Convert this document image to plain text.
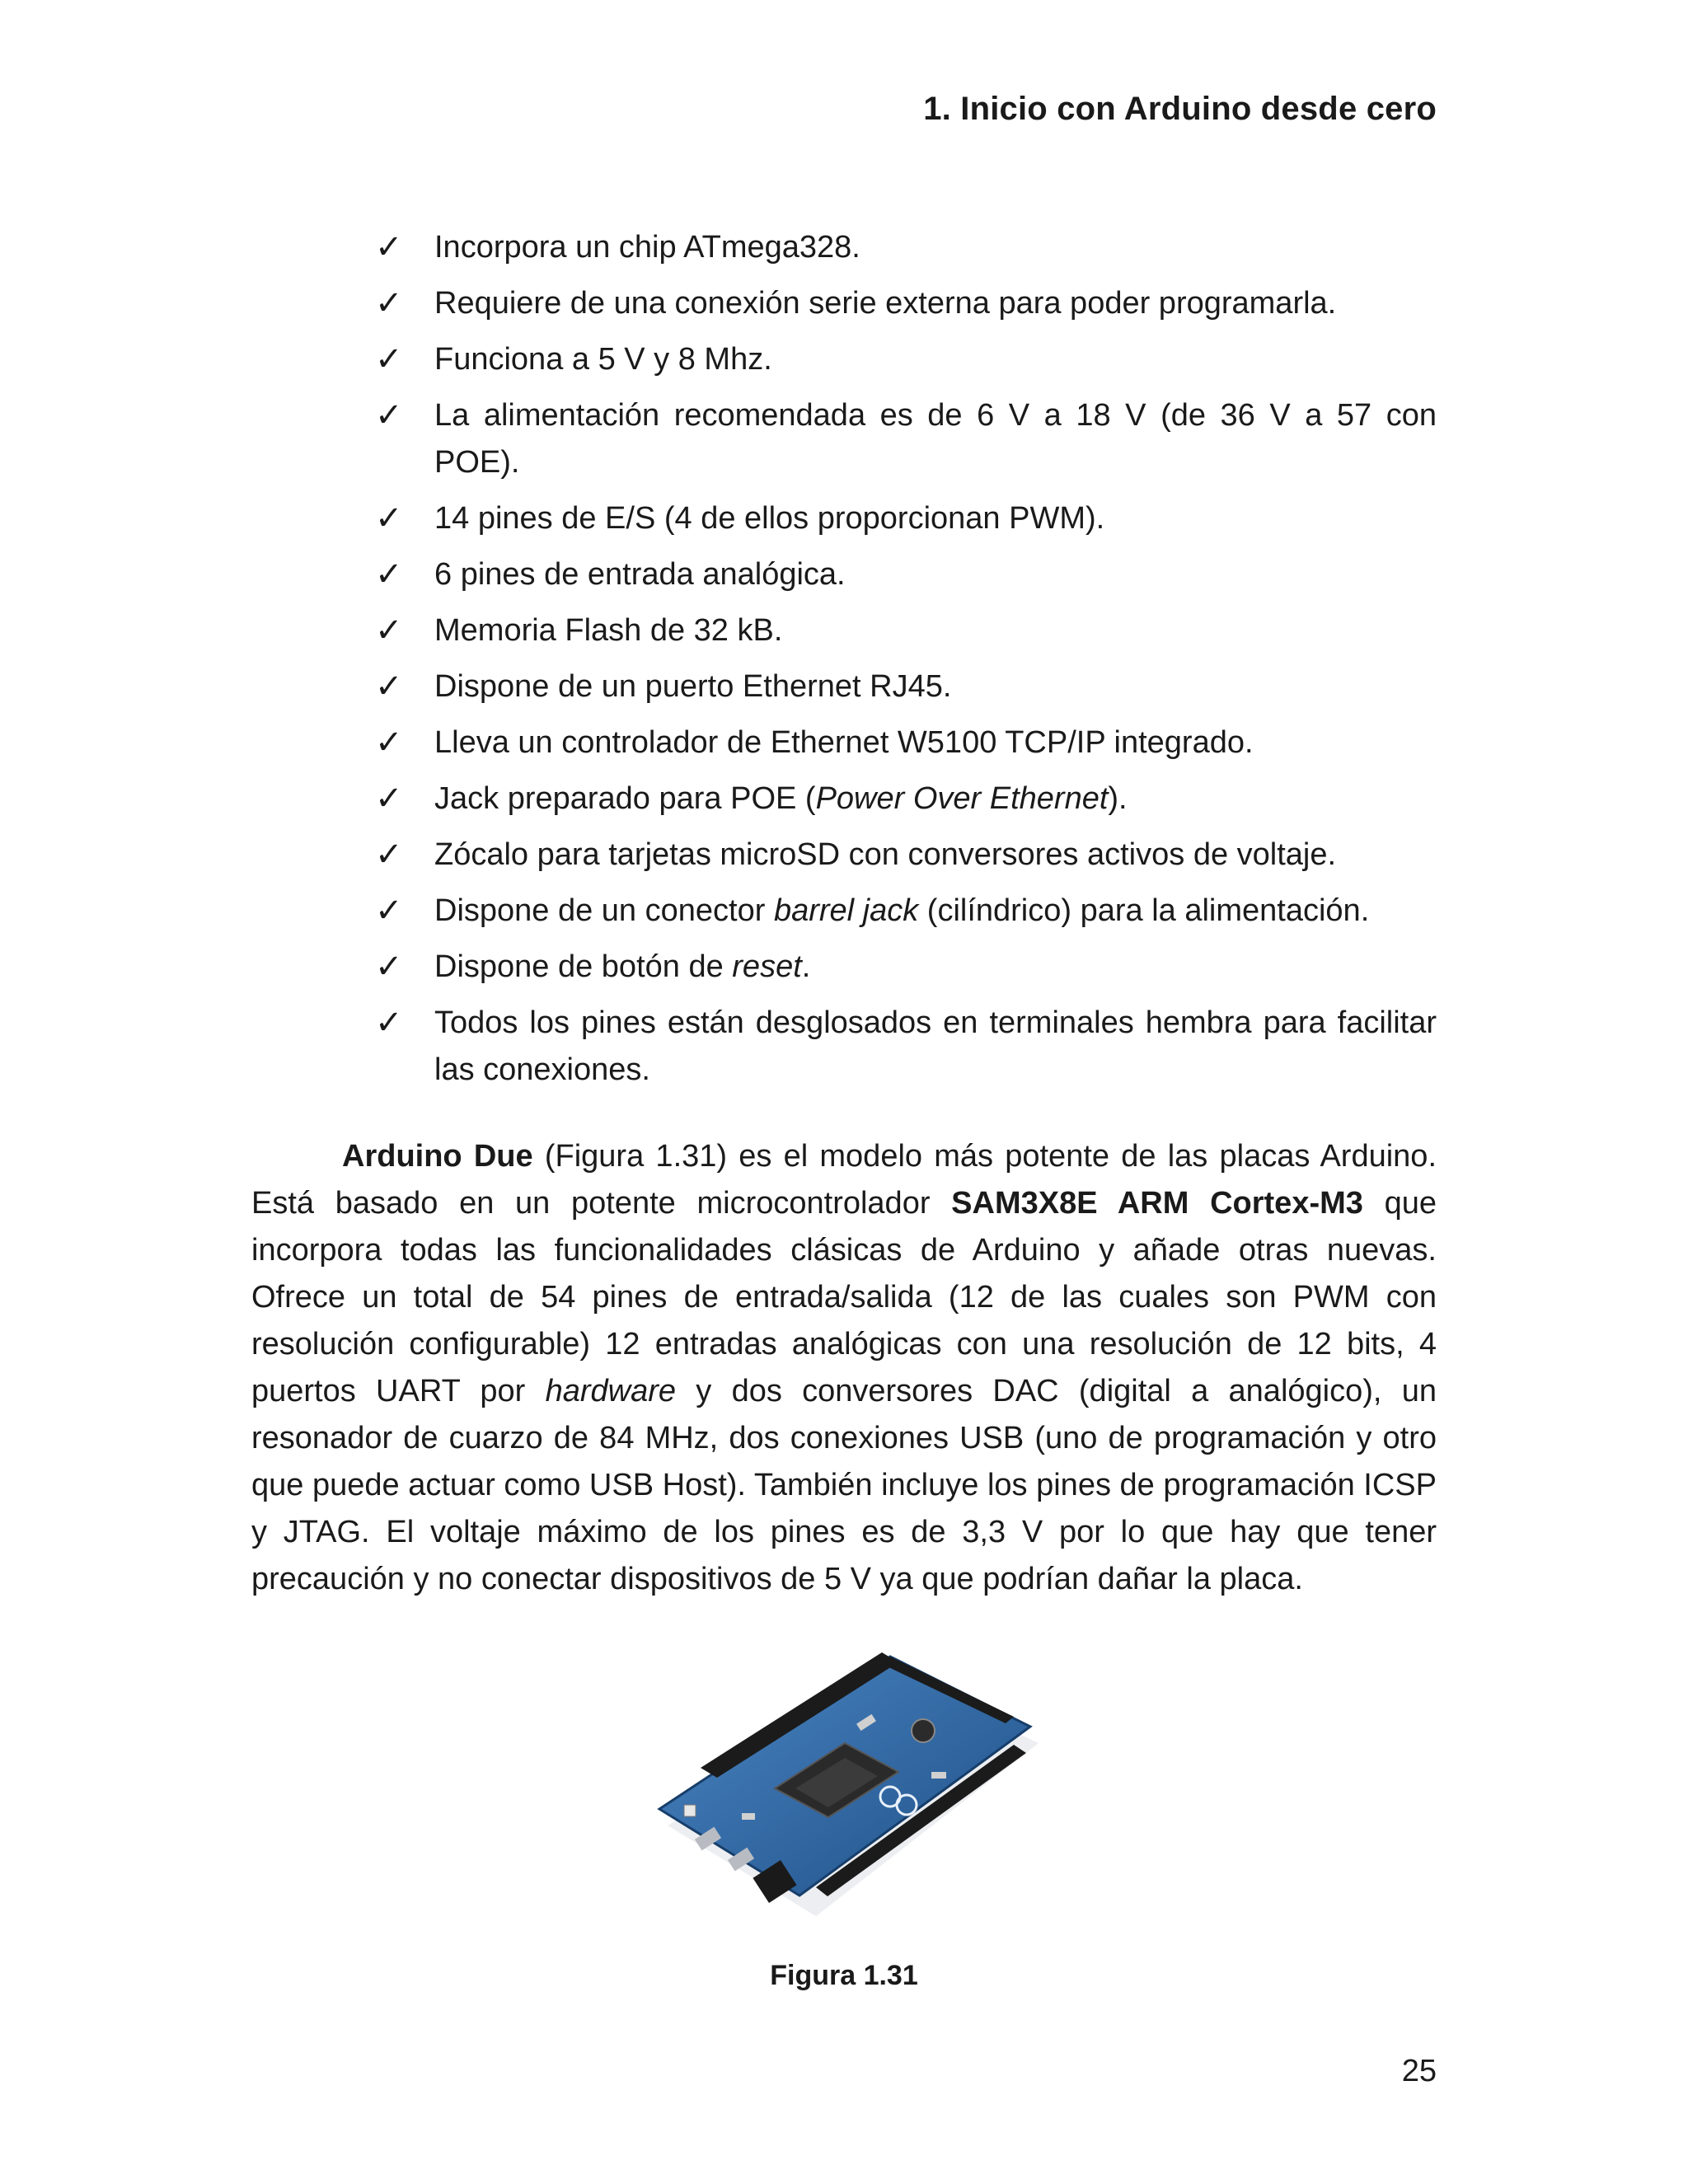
1. Inicio con Arduino desde cero
✓	Incorpora un chip ATmega328.
✓	Requiere de una conexión serie externa para poder programarla.
✓	Funciona a 5 V y 8 Mhz.
✓	La alimentación recomendada es de 6 V a 18 V (de 36 V a 57 con POE).
✓	14 pines de E/S (4 de ellos proporcionan PWM).
✓	6 pines de entrada analógica.
✓	Memoria Flash de 32 kB.
✓	Dispone de un puerto Ethernet RJ45.
✓	Lleva un controlador de Ethernet W5100 TCP/IP integrado.
✓	Jack preparado para POE (Power Over Ethernet).
✓	Zócalo para tarjetas microSD con conversores activos de voltaje.
✓	Dispone de un conector barrel jack (cilíndrico) para la alimentación.
✓	Dispone de botón de reset.
✓	Todos los pines están desglosados en terminales hembra para facilitar las conexiones.

Arduino Due (Figura 1.31) es el modelo más potente de las placas Arduino. Está basado en un potente microcontrolador SAM3X8E ARM Cortex-M3 que incorpora todas las funcionalidades clásicas de Arduino y añade otras nuevas. Ofrece un total de 54 pines de entrada/salida (12 de las cuales son PWM con resolución configurable) 12 entradas analógicas con una resolución de 12 bits, 4 puertos UART por hardware y dos conversores DAC (digital a analógico), un resonador de cuarzo de 84 MHz, dos conexiones USB (uno de programación y otro que puede actuar como USB Host). También incluye los pines de programación ICSP y JTAG. El voltaje máximo de los pines es de 3,3 V por lo que hay que tener precaución y no conectar dispositivos de 5 V ya que podrían dañar la placa.

Figura 1.31
25
